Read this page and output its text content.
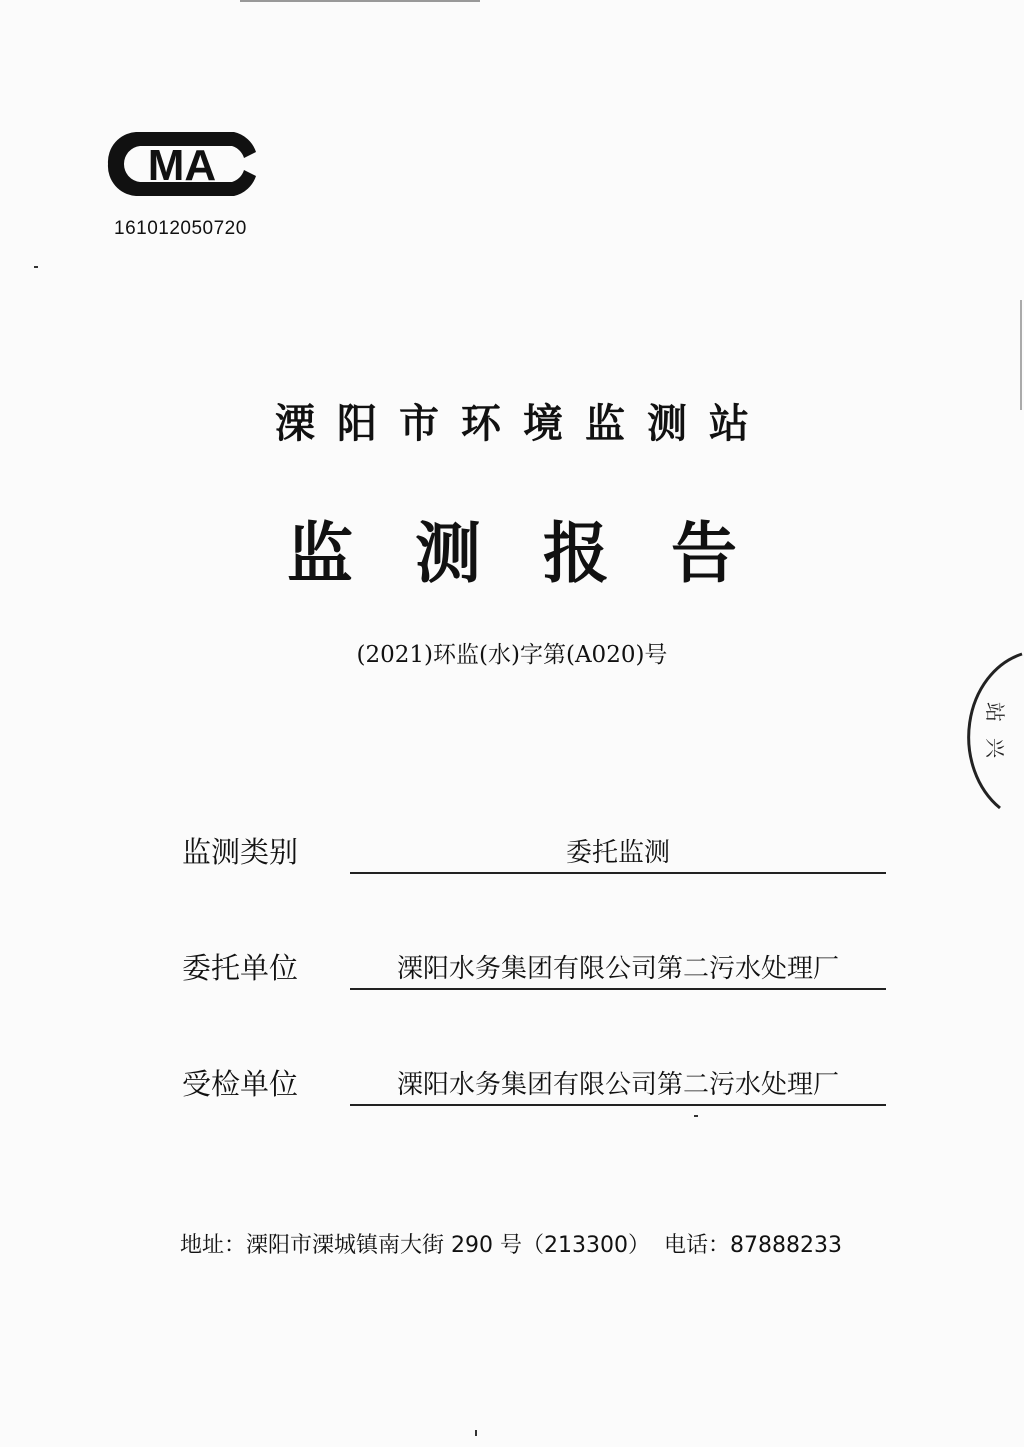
MA
161012050720
溧阳市环境监测站
监测报告
(2021)环监(水)字第(A020)号
监测类别	委托监测
委托单位	溧阳水务集团有限公司第二污水处理厂
受检单位	溧阳水务集团有限公司第二污水处理厂
地址：溧阳市溧城镇南大街 290 号（213300） 电话：87888233
站
兴
